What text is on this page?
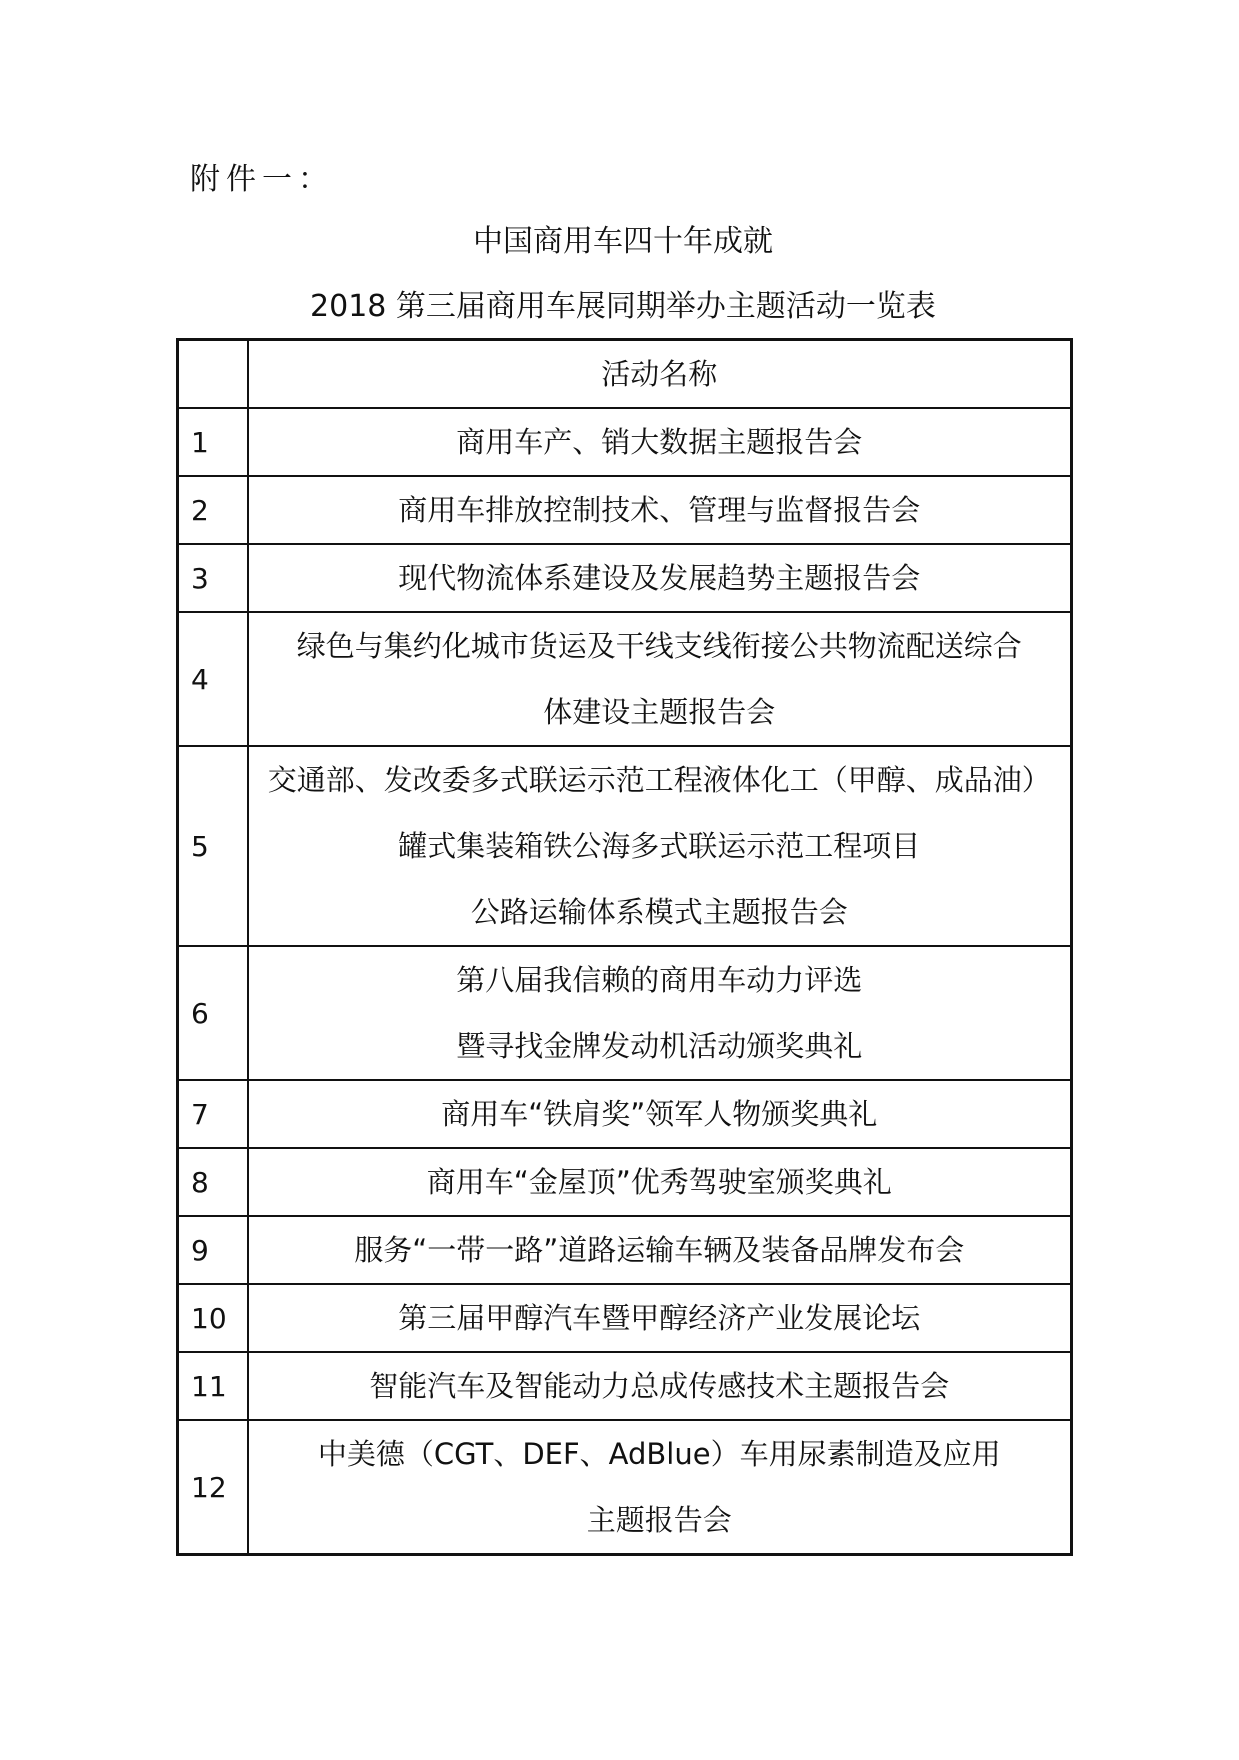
附件一：
中国商用车四十年成就
2018 第三届商用车展同期举办主题活动一览表

	活动名称

1	商用车产、销大数据主题报告会

2	商用车排放控制技术、管理与监督报告会

3	现代物流体系建设及发展趋势主题报告会

4	绿色与集约化城市货运及干线支线衔接公共物流配送综合
体建设主题报告会

5	交通部、发改委多式联运示范工程液体化工（甲醇、成品油）
罐式集装箱铁公海多式联运示范工程项目
公路运输体系模式主题报告会

6	第八届我信赖的商用车动力评选
暨寻找金牌发动机活动颁奖典礼

7	商用车“铁肩奖”领军人物颁奖典礼

8	商用车“金屋顶”优秀驾驶室颁奖典礼

9	服务“一带一路”道路运输车辆及装备品牌发布会

10	第三届甲醇汽车暨甲醇经济产业发展论坛

11	智能汽车及智能动力总成传感技术主题报告会

12	中美德（CGT、DEF、AdBlue）车用尿素制造及应用
主题报告会
